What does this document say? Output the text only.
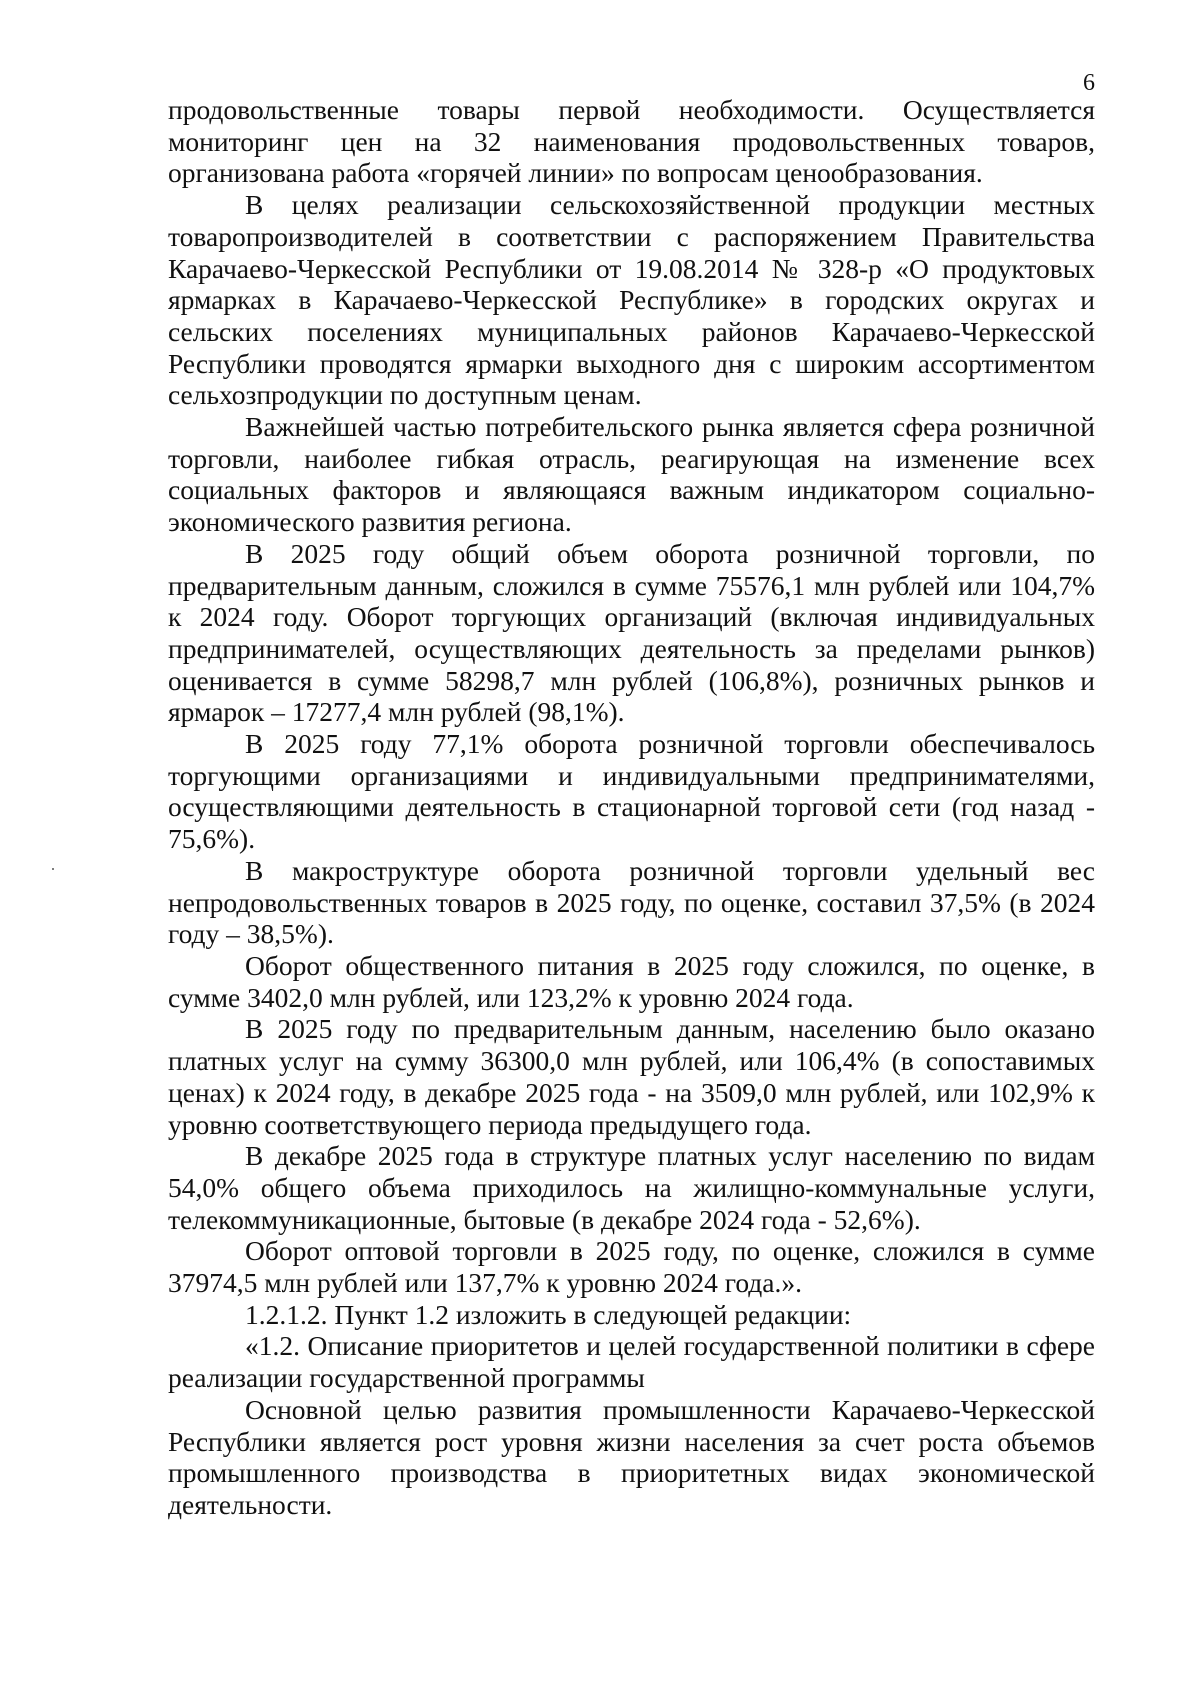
6

продовольственные товары первой необходимости. Осуществляется мониторинг цен на 32 наименования продовольственных товаров, организована работа «горячей линии» по вопросам ценообразования.

В целях реализации сельскохозяйственной продукции местных товаропроизводителей в соответствии с распоряжением Правительства Карачаево-Черкесской Республики от 19.08.2014 № 328-р «О продуктовых ярмарках в Карачаево-Черкесской Республике» в городских округах и сельских поселениях муниципальных районов Карачаево-Черкесской Республики проводятся ярмарки выходного дня с широким ассортиментом сельхозпродукции по доступным ценам.

Важнейшей частью потребительского рынка является сфера розничной торговли, наиболее гибкая отрасль, реагирующая на изменение всех социальных факторов и являющаяся важным индикатором социально-экономического развития региона.

В 2025 году общий объем оборота розничной торговли, по предварительным данным, сложился в сумме 75576,1 млн рублей или 104,7% к 2024 году. Оборот торгующих организаций (включая индивидуальных предпринимателей, осуществляющих деятельность за пределами рынков) оценивается в сумме 58298,7 млн рублей (106,8%), розничных рынков и ярмарок – 17277,4 млн рублей (98,1%).

В 2025 году 77,1% оборота розничной торговли обеспечивалось торгующими организациями и индивидуальными предпринимателями, осуществляющими деятельность в стационарной торговой сети (год назад - 75,6%).

В макроструктуре оборота розничной торговли удельный вес непродовольственных товаров в 2025 году, по оценке, составил 37,5% (в 2024 году – 38,5%).

Оборот общественного питания в 2025 году сложился, по оценке, в сумме 3402,0 млн рублей, или 123,2% к уровню 2024 года.

В 2025 году по предварительным данным, населению было оказано платных услуг на сумму 36300,0 млн рублей, или 106,4% (в сопоставимых ценах) к 2024 году, в декабре 2025 года - на 3509,0 млн рублей, или 102,9% к уровню соответствующего периода предыдущего года.

В декабре 2025 года в структуре платных услуг населению по видам 54,0% общего объема приходилось на жилищно-коммунальные услуги, телекоммуникационные, бытовые (в декабре 2024 года - 52,6%).

Оборот оптовой торговли в 2025 году, по оценке, сложился в сумме 37974,5 млн рублей или 137,7% к уровню 2024 года.».

1.2.1.2. Пункт 1.2 изложить в следующей редакции:

«1.2. Описание приоритетов и целей государственной политики в сфере реализации государственной программы

Основной целью развития промышленности Карачаево-Черкесской Республики является рост уровня жизни населения за счет роста объемов промышленного производства в приоритетных видах экономической деятельности.
